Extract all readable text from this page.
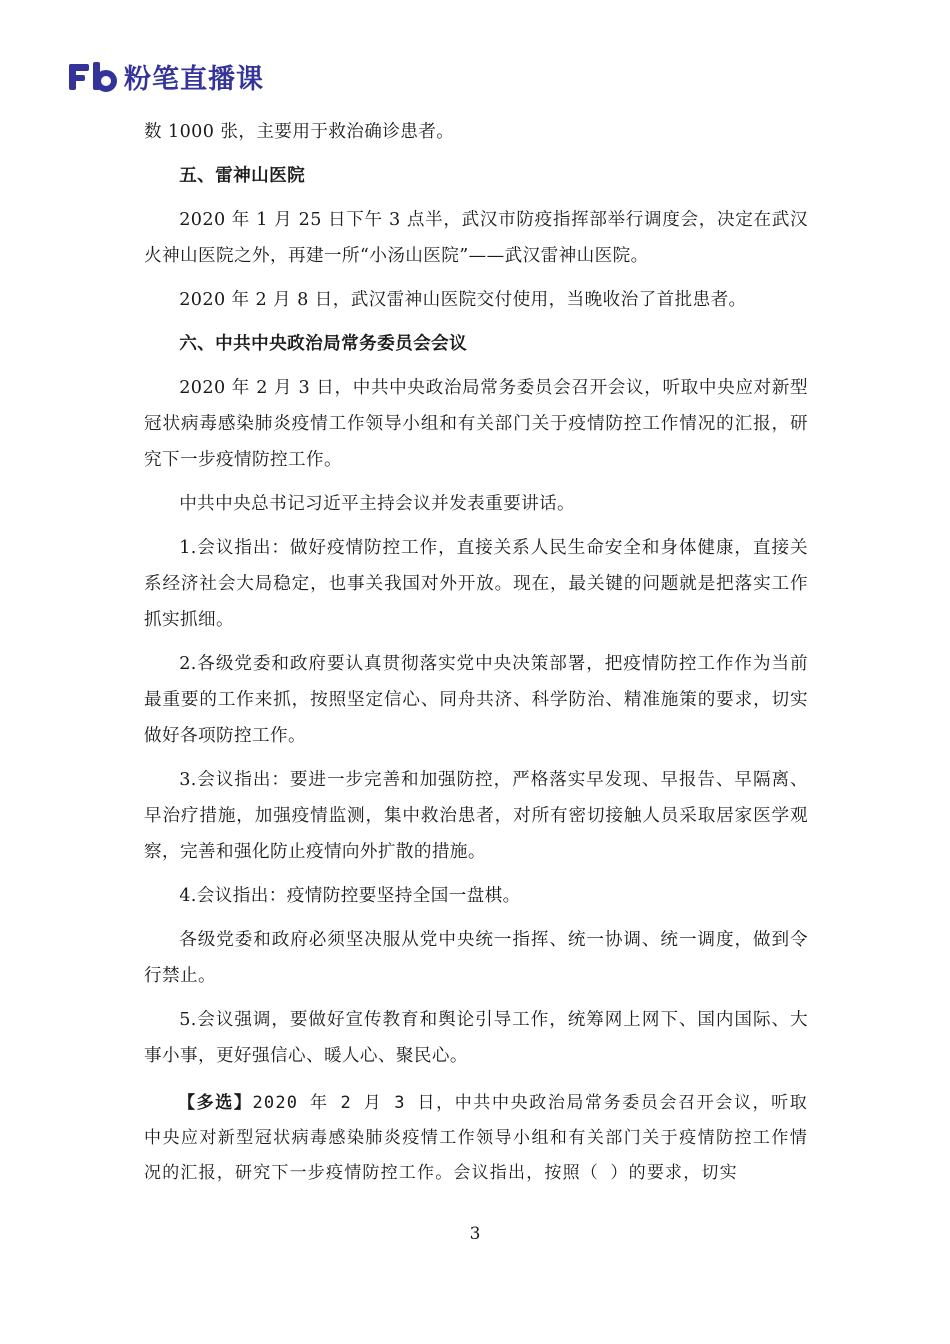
粉笔直播课

数 1000 张，主要用于救治确诊患者。

五、雷神山医院

2020 年 1 月 25 日下午 3 点半，武汉市防疫指挥部举行调度会，决定在武汉火神山医院之外，再建一所“小汤山医院”——武汉雷神山医院。

2020 年 2 月 8 日，武汉雷神山医院交付使用，当晚收治了首批患者。

六、中共中央政治局常务委员会会议

2020 年 2 月 3 日，中共中央政治局常务委员会召开会议，听取中央应对新型冠状病毒感染肺炎疫情工作领导小组和有关部门关于疫情防控工作情况的汇报，研究下一步疫情防控工作。

中共中央总书记习近平主持会议并发表重要讲话。

1.会议指出：做好疫情防控工作，直接关系人民生命安全和身体健康，直接关系经济社会大局稳定，也事关我国对外开放。现在，最关键的问题就是把落实工作抓实抓细。

2.各级党委和政府要认真贯彻落实党中央决策部署，把疫情防控工作作为当前最重要的工作来抓，按照坚定信心、同舟共济、科学防治、精准施策的要求，切实做好各项防控工作。

3.会议指出：要进一步完善和加强防控，严格落实早发现、早报告、早隔离、早治疗措施，加强疫情监测，集中救治患者，对所有密切接触人员采取居家医学观察，完善和强化防止疫情向外扩散的措施。

4.会议指出：疫情防控要坚持全国一盘棋。

各级党委和政府必须坚决服从党中央统一指挥、统一协调、统一调度，做到令行禁止。

5.会议强调，要做好宣传教育和舆论引导工作，统筹网上网下、国内国际、大事小事，更好强信心、暖人心、聚民心。

【多选】2020 年 2 月 3 日，中共中央政治局常务委员会召开会议，听取中央应对新型冠状病毒感染肺炎疫情工作领导小组和有关部门关于疫情防控工作情况的汇报，研究下一步疫情防控工作。会议指出，按照（ ）的要求，切实

3
